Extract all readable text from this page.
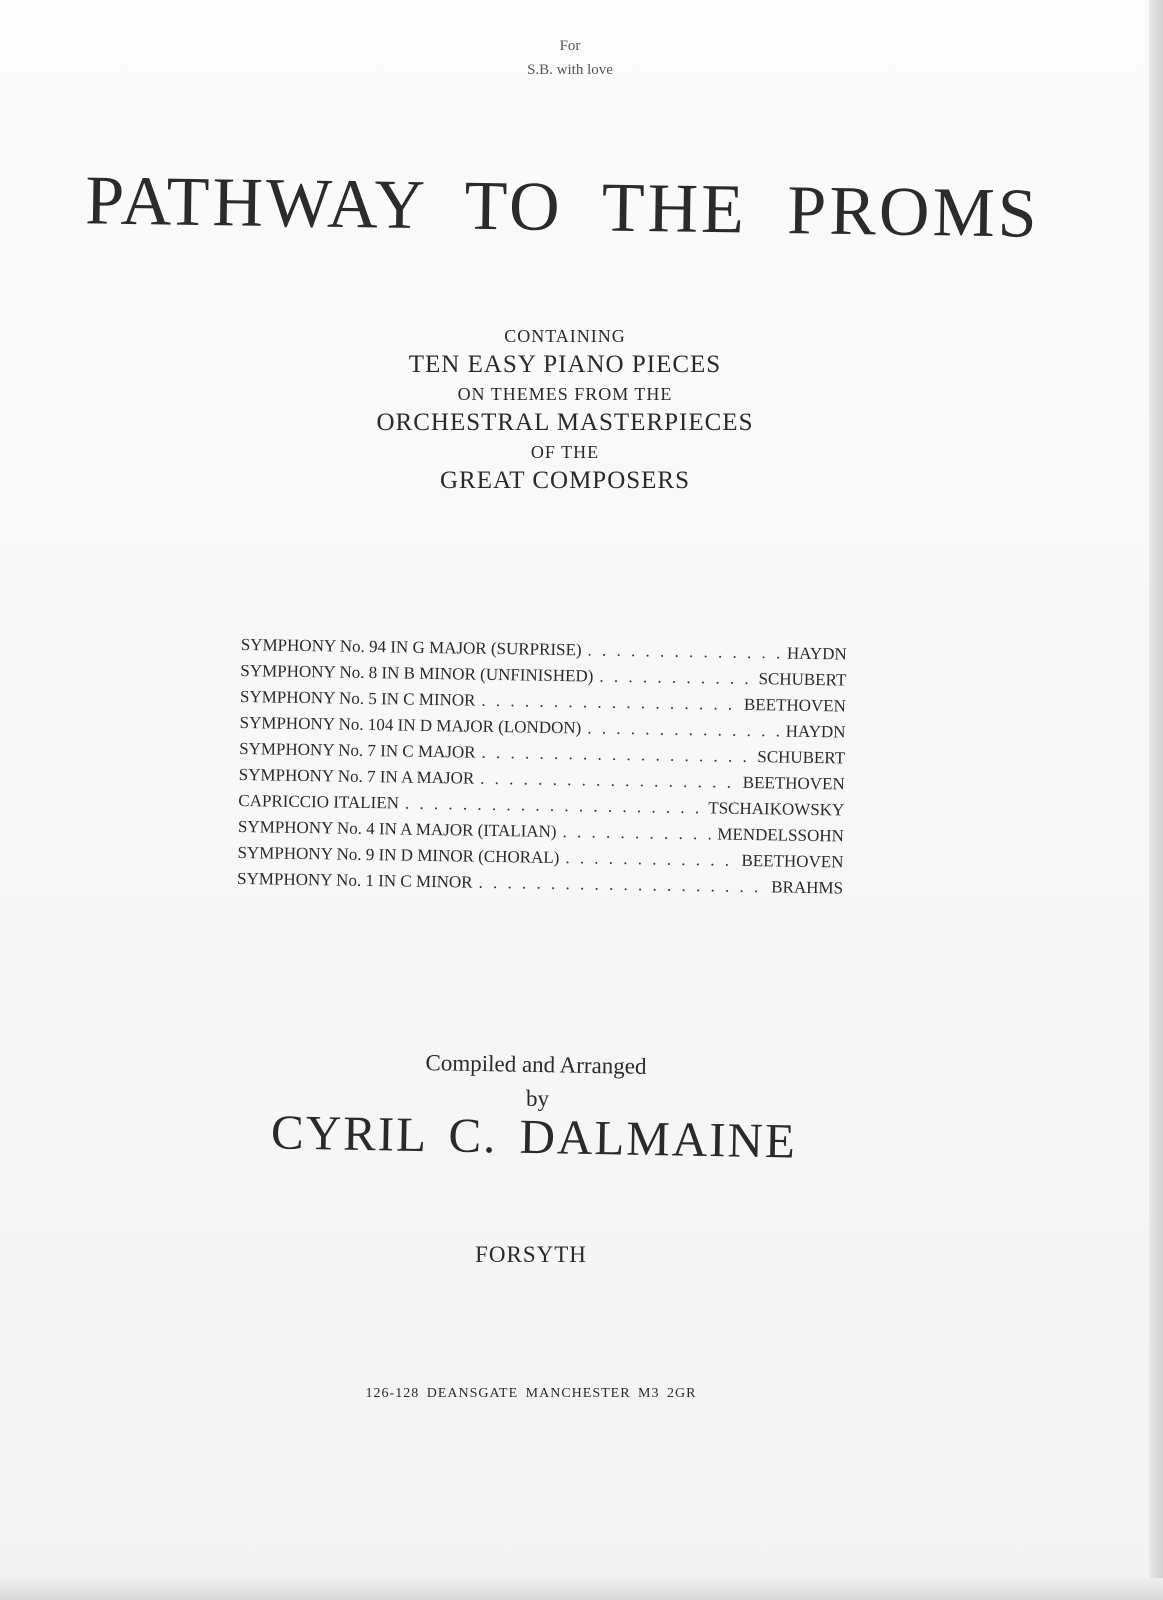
For
S.B. with love
PATHWAY TO THE PROMS
CONTAINING
TEN EASY PIANO PIECES
ON THEMES FROM THE
ORCHESTRAL MASTERPIECES
OF THE
GREAT COMPOSERS
SYMPHONY No. 94 IN G MAJOR (SURPRISE) . . .	HAYDN
SYMPHONY No. 8 IN B MINOR (UNFINISHED) . . .	SCHUBERT
SYMPHONY No. 5 IN C MINOR . . .	BEETHOVEN
SYMPHONY No. 104 IN D MAJOR (LONDON) . . .	HAYDN
SYMPHONY No. 7 IN C MAJOR . . .	SCHUBERT
SYMPHONY No. 7 IN A MAJOR . . .	BEETHOVEN
CAPRICCIO ITALIEN . . .	TSCHAIKOWSKY
SYMPHONY No. 4 IN A MAJOR (ITALIAN) . . .	MENDELSSOHN
SYMPHONY No. 9 IN D MINOR (CHORAL) . . .	BEETHOVEN
SYMPHONY No. 1 IN C MINOR . . .	BRAHMS
Compiled and Arranged
by
CYRIL C. DALMAINE
FORSYTH
126-128 DEANSGATE MANCHESTER M3 2GR
